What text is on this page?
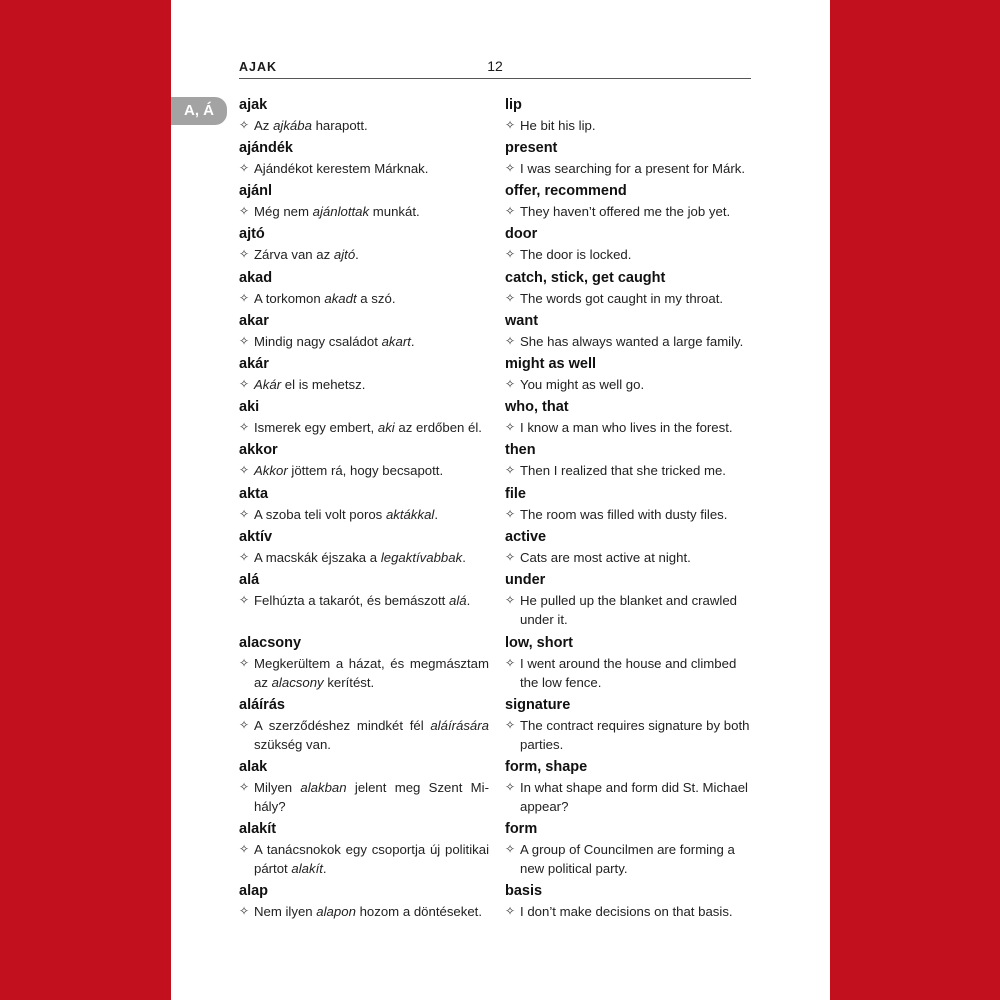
AJAK	12
A, Á	ajak
✧ Az ajkába harapott.
ajándék
✧ Ajándékot kerestem Márknak.
ajánl
✧ Még nem ajánlottak munkát.
ajtó
✧ Zárva van az ajtó.
akad
✧ A torkomon akadt a szó.
akar
✧ Mindig nagy családot akart.
akár
✧ Akár el is mehetsz.
aki
✧ Ismerek egy embert, aki az erdőben él.
akkor
✧ Akkor jöttem rá, hogy becsapott.
akta
✧ A szoba teli volt poros aktákkal.
aktív
✧ A macskák éjszaka a legaktívabbak.
alá
✧ Felhúzta a takarót, és bemászott alá.
alacsony
✧ Megkerültem a házat, és megmásztam az alacsony kerítést.
aláírás
✧ A szerződéshez mindkét fél aláírására szükség van.
alak
✧ Milyen alakban jelent meg Szent Mihály?
alakít
✧ A tanácsnokok egy csoportja új politikai pártot alakít.
alap
✧ Nem ilyen alapon hozom a döntéseket.
lip
✧ He bit his lip.
present
✧ I was searching for a present for Márk.
offer, recommend
✧ They haven’t offered me the job yet.
door
✧ The door is locked.
catch, stick, get caught
✧ The words got caught in my throat.
want
✧ She has always wanted a large family.
might as well
✧ You might as well go.
who, that
✧ I know a man who lives in the forest.
then
✧ Then I realized that she tricked me.
file
✧ The room was filled with dusty files.
active
✧ Cats are most active at night.
under
✧ He pulled up the blanket and crawled under it.
low, short
✧ I went around the house and climbed the low fence.
signature
✧ The contract requires signature by both parties.
form, shape
✧ In what shape and form did St. Michael appear?
form
✧ A group of Councilmen are forming a new political party.
basis
✧ I don’t make decisions on that basis.
